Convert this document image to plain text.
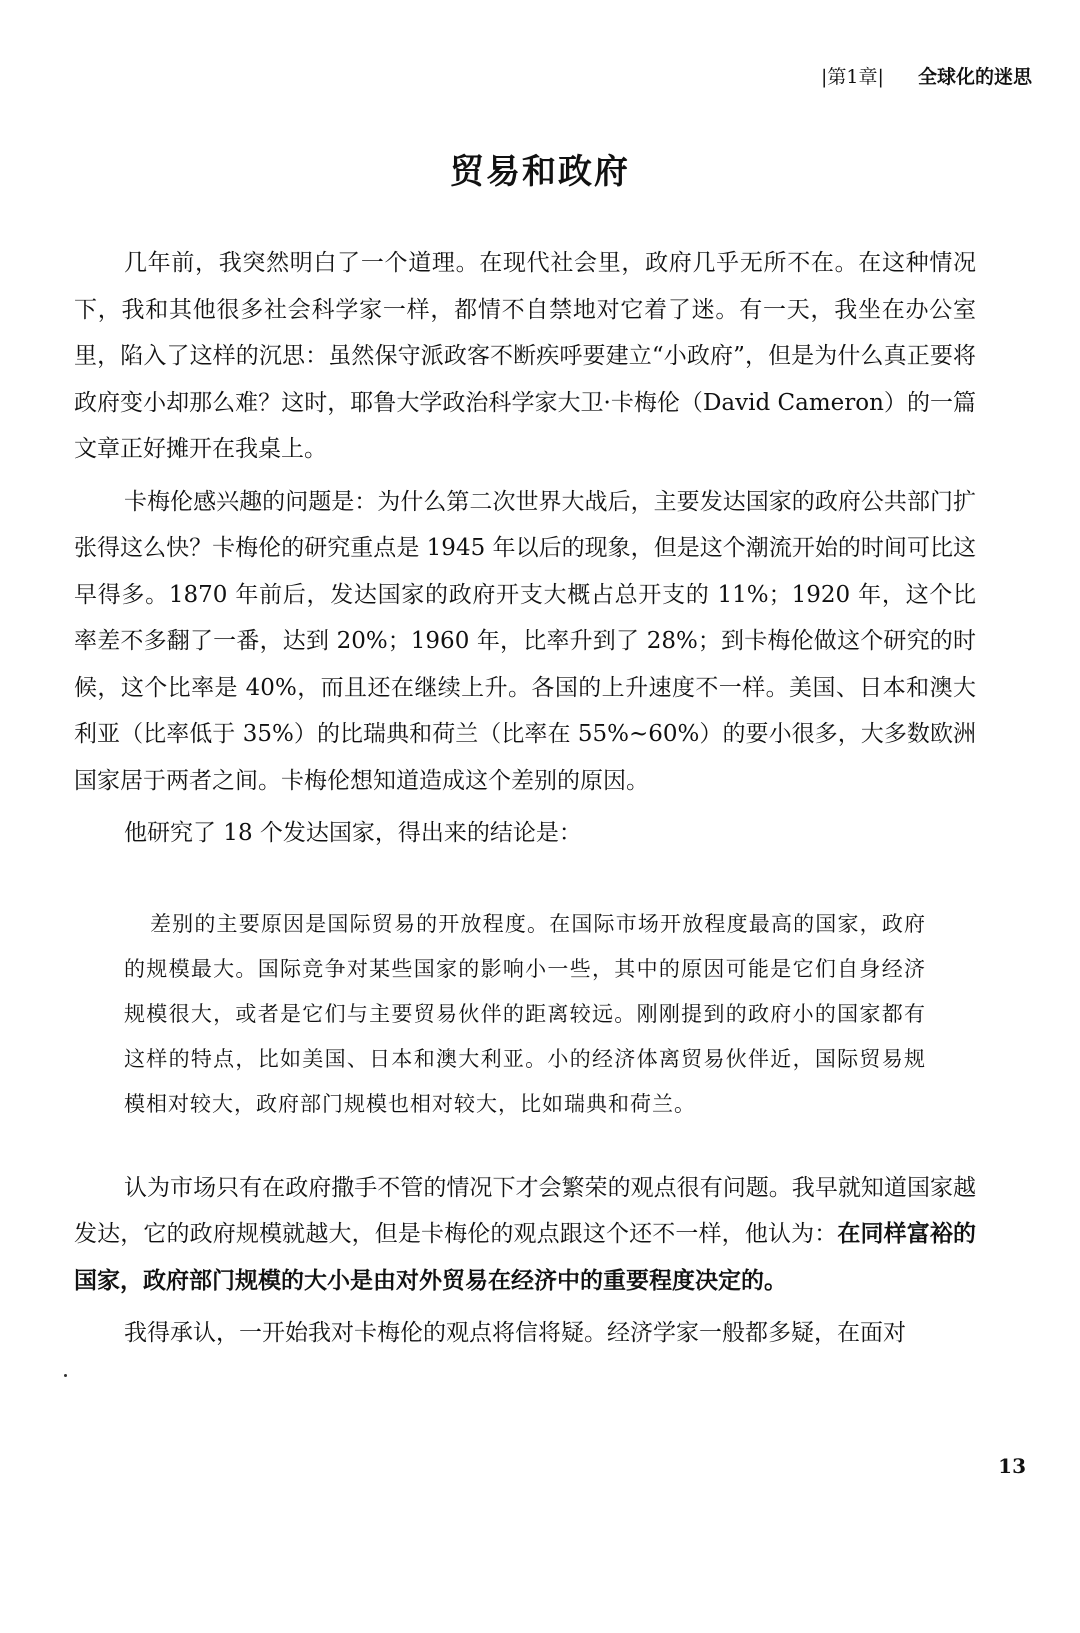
|第1章| 全球化的迷思
贸易和政府

几年前，我突然明白了一个道理。在现代社会里，政府几乎无所不在。在这种情况下，我和其他很多社会科学家一样，都情不自禁地对它着了迷。有一天，我坐在办公室里，陷入了这样的沉思：虽然保守派政客不断疾呼要建立“小政府”，但是为什么真正要将政府变小却那么难？这时，耶鲁大学政治科学家大卫·卡梅伦（David Cameron）的一篇文章正好摊开在我桌上。

卡梅伦感兴趣的问题是：为什么第二次世界大战后，主要发达国家的政府公共部门扩张得这么快？卡梅伦的研究重点是 1945 年以后的现象，但是这个潮流开始的时间可比这早得多。1870 年前后，发达国家的政府开支大概占总开支的 11%；1920 年，这个比率差不多翻了一番，达到 20%；1960 年，比率升到了 28%；到卡梅伦做这个研究的时候，这个比率是 40%，而且还在继续上升。各国的上升速度不一样。美国、日本和澳大利亚（比率低于 35%）的比瑞典和荷兰（比率在 55%~60%）的要小很多，大多数欧洲国家居于两者之间。卡梅伦想知道造成这个差别的原因。

他研究了 18 个发达国家，得出来的结论是：

差别的主要原因是国际贸易的开放程度。在国际市场开放程度最高的国家，政府的规模最大。国际竞争对某些国家的影响小一些，其中的原因可能是它们自身经济规模很大，或者是它们与主要贸易伙伴的距离较远。刚刚提到的政府小的国家都有这样的特点，比如美国、日本和澳大利亚。小的经济体离贸易伙伴近，国际贸易规模相对较大，政府部门规模也相对较大，比如瑞典和荷兰。

认为市场只有在政府撒手不管的情况下才会繁荣的观点很有问题。我早就知道国家越发达，它的政府规模就越大，但是卡梅伦的观点跟这个还不一样，他认为：在同样富裕的国家，政府部门规模的大小是由对外贸易在经济中的重要程度决定的。

我得承认，一开始我对卡梅伦的观点将信将疑。经济学家一般都多疑，在面对

13
